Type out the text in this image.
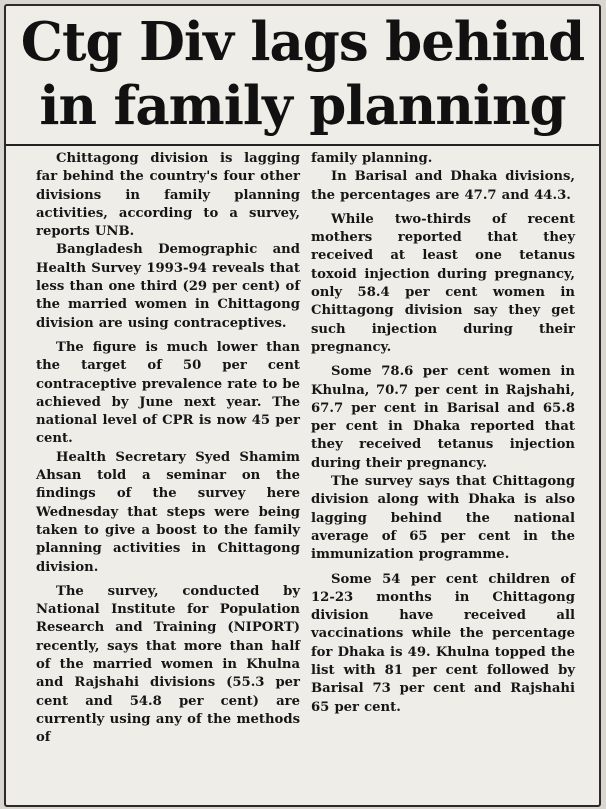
Ctg Div lags behind
in family planning

Chittagong division is lagging far behind the country's four other divisions in family planning activities, according to a survey, reports UNB.

Bangladesh Demographic and Health Survey 1993-94 reveals that less than one third (29 per cent) of the married women in Chittagong division are using contraceptives.

The figure is much lower than the target of 50 per cent contraceptive prevalence rate to be achieved by June next year. The national level of CPR is now 45 per cent.

Health Secretary Syed Shamim Ahsan told a seminar on the findings of the survey here Wednesday that steps were being taken to give a boost to the family planning activities in Chittagong division.

The survey, conducted by National Institute for Population Research and Training (NIPORT) recently, says that more than half of the married women in Khulna and Rajshahi divisions (55.3 per cent and 54.8 per cent) are currently using any of the methods of

family planning.

In Barisal and Dhaka divisions, the percentages are 47.7 and 44.3.

While two-thirds of recent mothers reported that they received at least one tetanus toxoid injection during pregnancy, only 58.4 per cent women in Chittagong division say they get such injection during their pregnancy.

Some 78.6 per cent women in Khulna, 70.7 per cent in Rajshahi, 67.7 per cent in Barisal and 65.8 per cent in Dhaka reported that they received tetanus injection during their pregnancy.

The survey says that Chittagong division along with Dhaka is also lagging behind the national average of 65 per cent in the immunization programme.

Some 54 per cent children of 12-23 months in Chittagong division have received all vaccinations while the percentage for Dhaka is 49. Khulna topped the list with 81 per cent followed by Barisal 73 per cent and Rajshahi 65 per cent.
